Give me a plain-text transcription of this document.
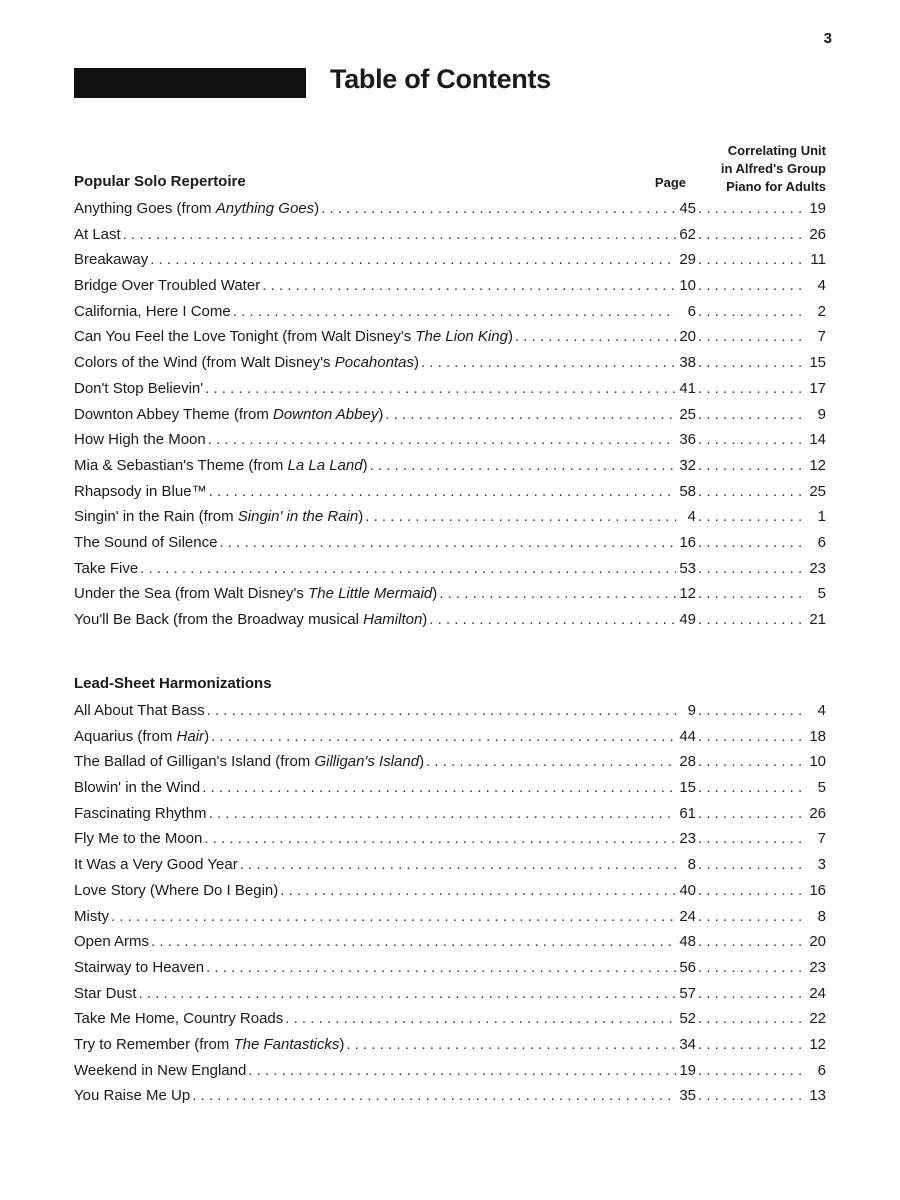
3
Table of Contents
Correlating Unit
in Alfred's Group
Piano for Adults
Page
Popular Solo Repertoire
Anything Goes (from Anything Goes) . . .	45 . . .	19
At Last . . .	62 . . .	26
Breakaway . . .	29 . . .	11
Bridge Over Troubled Water . . .	10 . . .	4
California, Here I Come . . .	6 . . .	2
Can You Feel the Love Tonight (from Walt Disney's The Lion King) . . .	20 . . .	7
Colors of the Wind (from Walt Disney's Pocahontas) . . .	38 . . .	15
Don't Stop Believin' . . .	41 . . .	17
Downton Abbey Theme (from Downton Abbey) . . .	25 . . .	9
How High the Moon . . .	36 . . .	14
Mia & Sebastian's Theme (from La La Land) . . .	32 . . .	12
Rhapsody in Blue™ . . .	58 . . .	25
Singin' in the Rain (from Singin' in the Rain) . . .	4 . . .	1
The Sound of Silence . . .	16 . . .	6
Take Five . . .	53 . . .	23
Under the Sea (from Walt Disney's The Little Mermaid) . . .	12 . . .	5
You'll Be Back (from the Broadway musical Hamilton) . . .	49 . . .	21
Lead-Sheet Harmonizations
All About That Bass . . .	9 . . .	4
Aquarius (from Hair) . . .	44 . . .	18
The Ballad of Gilligan's Island (from Gilligan's Island) . . .	28 . . .	10
Blowin' in the Wind . . .	15 . . .	5
Fascinating Rhythm . . .	61 . . .	26
Fly Me to the Moon . . .	23 . . .	7
It Was a Very Good Year . . .	8 . . .	3
Love Story (Where Do I Begin) . . .	40 . . .	16
Misty . . .	24 . . .	8
Open Arms . . .	48 . . .	20
Stairway to Heaven . . .	56 . . .	23
Star Dust . . .	57 . . .	24
Take Me Home, Country Roads . . .	52 . . .	22
Try to Remember (from The Fantasticks) . . .	34 . . .	12
Weekend in New England . . .	19 . . .	6
You Raise Me Up . . .	35 . . .	13
